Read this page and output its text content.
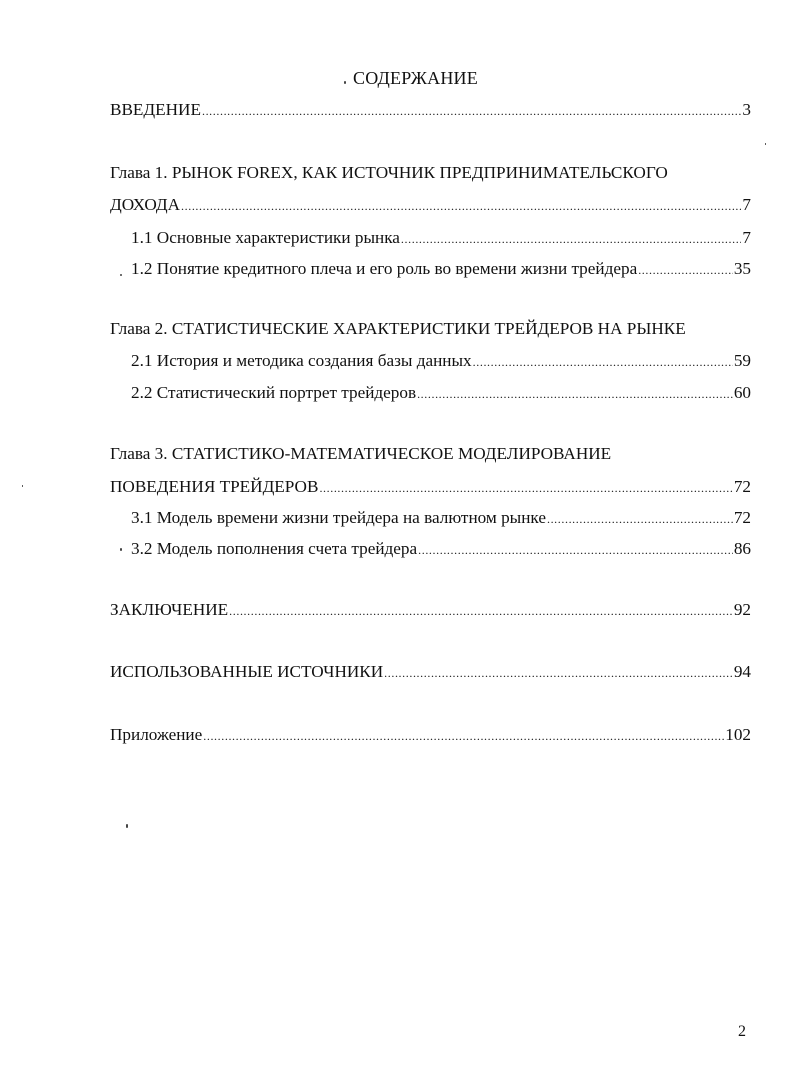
СОДЕРЖАНИЕ
ВВЕДЕНИЕ .....	3
Глава 1. РЫНОК FOREX, КАК ИСТОЧНИК ПРЕДПРИНИМАТЕЛЬСКОГО
ДОХОДА .....	7
1.1 Основные характеристики рынка .....	7
1.2 Понятие кредитного плеча и его роль во времени жизни трейдера .....	35
Глава 2. СТАТИСТИЧЕСКИЕ ХАРАКТЕРИСТИКИ ТРЕЙДЕРОВ НА РЫНКЕ
2.1 История и методика создания базы данных .....	59
2.2 Статистический портрет трейдеров .....	60
Глава 3. СТАТИСТИКО-МАТЕМАТИЧЕСКОЕ МОДЕЛИРОВАНИЕ
ПОВЕДЕНИЯ ТРЕЙДЕРОВ .....	72
3.1 Модель времени жизни трейдера на валютном рынке .....	72
3.2 Модель пополнения счета трейдера .....	86
ЗАКЛЮЧЕНИЕ .....	92
ИСПОЛЬЗОВАННЫЕ ИСТОЧНИКИ .....	94
Приложение .....	102
2
